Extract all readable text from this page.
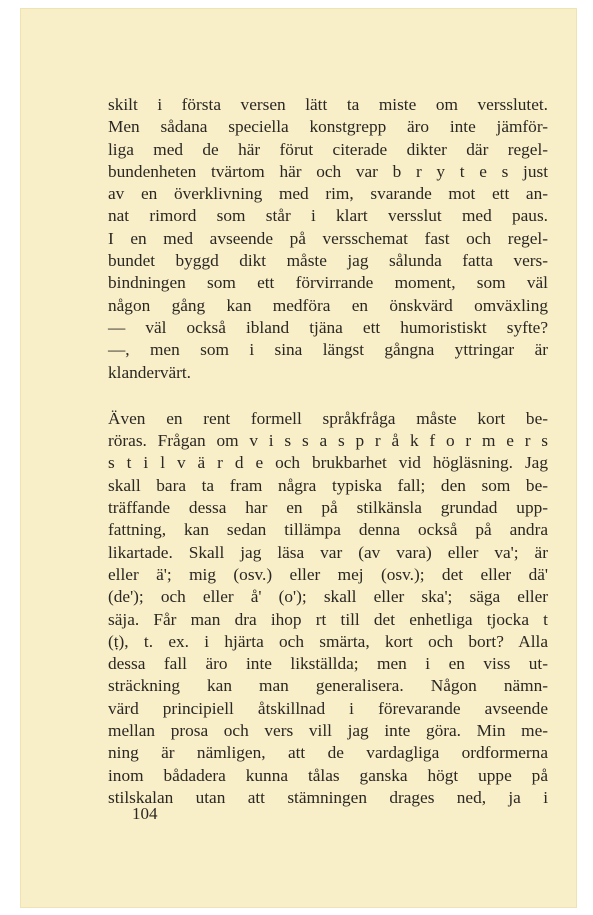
skilt i första versen lätt ta miste om versslutet.
Men sådana speciella konstgrepp äro inte jämför-
liga med de här förut citerade dikter där regel-
bundenheten tvärtom här och var b r y t e s just
av en överklivning med rim, svarande mot ett an-
nat rimord som står i klart versslut med paus.
I en med avseende på versschemat fast och regel-
bundet byggd dikt måste jag sålunda fatta vers-
bindningen som ett förvirrande moment, som väl
någon gång kan medföra en önskvärd omväxling
— väl också ibland tjäna ett humoristiskt syfte?
—, men som i sina längst gångna yttringar är
klandervärt.
Även en rent formell språkfråga måste kort be-
röras. Frågan om v i s s a s p r å k f o r m e r s
s t i l v ä r d e och brukbarhet vid högläsning. Jag
skall bara ta fram några typiska fall; den som be-
träffande dessa har en på stilkänsla grundad upp-
fattning, kan sedan tillämpa denna också på andra
likartade. Skall jag läsa var (av vara) eller va'; är
eller ä'; mig (osv.) eller mej (osv.); det eller dä'
(de'); och eller å' (o'); skall eller ska'; säga eller
säja. Får man dra ihop rt till det enhetliga tjocka t
(ṭ), t. ex. i hjärta och smärta, kort och bort? Alla
dessa fall äro inte likställda; men i en viss ut-
sträckning kan man generalisera. Någon nämn-
värd principiell åtskillnad i förevarande avseende
mellan prosa och vers vill jag inte göra. Min me-
ning är nämligen, att de vardagliga ordformerna
inom bådadera kunna tålas ganska högt uppe på
stilskalan utan att stämningen drages ned, ja i
104
